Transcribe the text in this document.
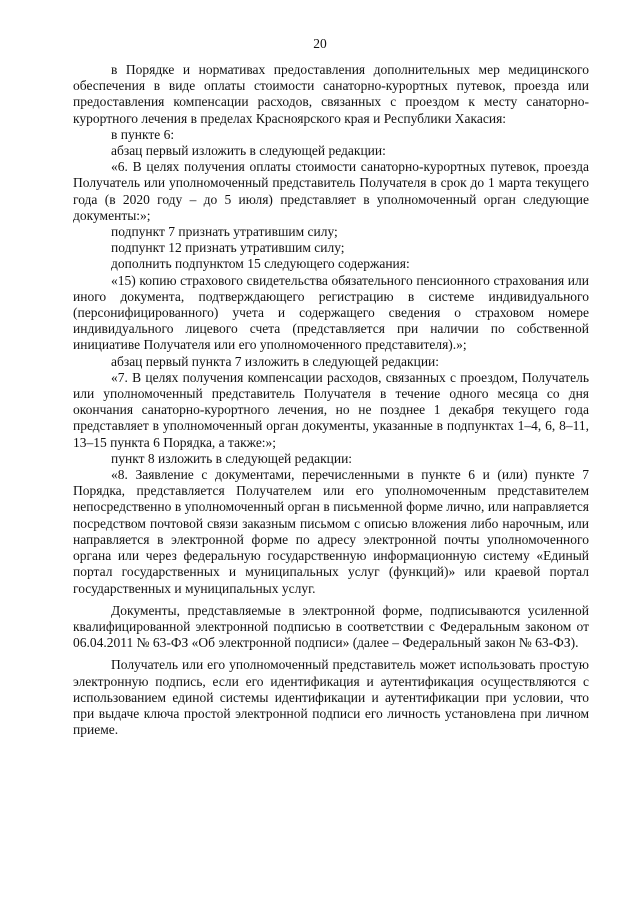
20

в Порядке и нормативах предоставления дополнительных мер медицинского обеспечения в виде оплаты стоимости санаторно-курортных путевок, проезда или предоставления компенсации расходов, связанных с проездом к месту санаторно-курортного лечения в пределах Красноярского края и Республики Хакасия:

в пункте 6:

абзац первый изложить в следующей редакции:

«6. В целях получения оплаты стоимости санаторно-курортных путевок, проезда Получатель или уполномоченный представитель Получателя в срок до 1 марта текущего года (в 2020 году – до 5 июля) представляет в уполномоченный орган следующие документы:»;

подпункт 7 признать утратившим силу;

подпункт 12 признать утратившим силу;

дополнить подпунктом 15 следующего содержания:

«15) копию страхового свидетельства обязательного пенсионного страхования или иного документа, подтверждающего регистрацию в системе индивидуального (персонифицированного) учета и содержащего сведения о страховом номере индивидуального лицевого счета (представляется при наличии по собственной инициативе Получателя или его уполномоченного представителя).»;

абзац первый пункта 7 изложить в следующей редакции:

«7. В целях получения компенсации расходов, связанных с проездом, Получатель или уполномоченный представитель Получателя в течение одного месяца со дня окончания санаторно-курортного лечения, но не позднее 1 декабря текущего года представляет в уполномоченный орган документы, указанные в подпунктах 1–4, 6, 8–11, 13–15 пункта 6 Порядка, а также:»;

пункт 8 изложить в следующей редакции:

«8. Заявление с документами, перечисленными в пункте 6 и (или) пункте 7 Порядка, представляется Получателем или его уполномоченным представителем непосредственно в уполномоченный орган в письменной форме лично, или направляется посредством почтовой связи заказным письмом с описью вложения либо нарочным, или направляется в электронной форме по адресу электронной почты уполномоченного органа или через федеральную государственную информационную систему «Единый портал государственных и муниципальных услуг (функций)» или краевой портал государственных и муниципальных услуг.

Документы, представляемые в электронной форме, подписываются усиленной квалифицированной электронной подписью в соответствии с Федеральным законом от 06.04.2011 № 63-ФЗ «Об электронной подписи» (далее – Федеральный закон № 63-ФЗ).

Получатель или его уполномоченный представитель может использовать простую электронную подпись, если его идентификация и аутентификация осуществляются с использованием единой системы идентификации и аутентификации при условии, что при выдаче ключа простой электронной подписи его личность установлена при личном приеме.
